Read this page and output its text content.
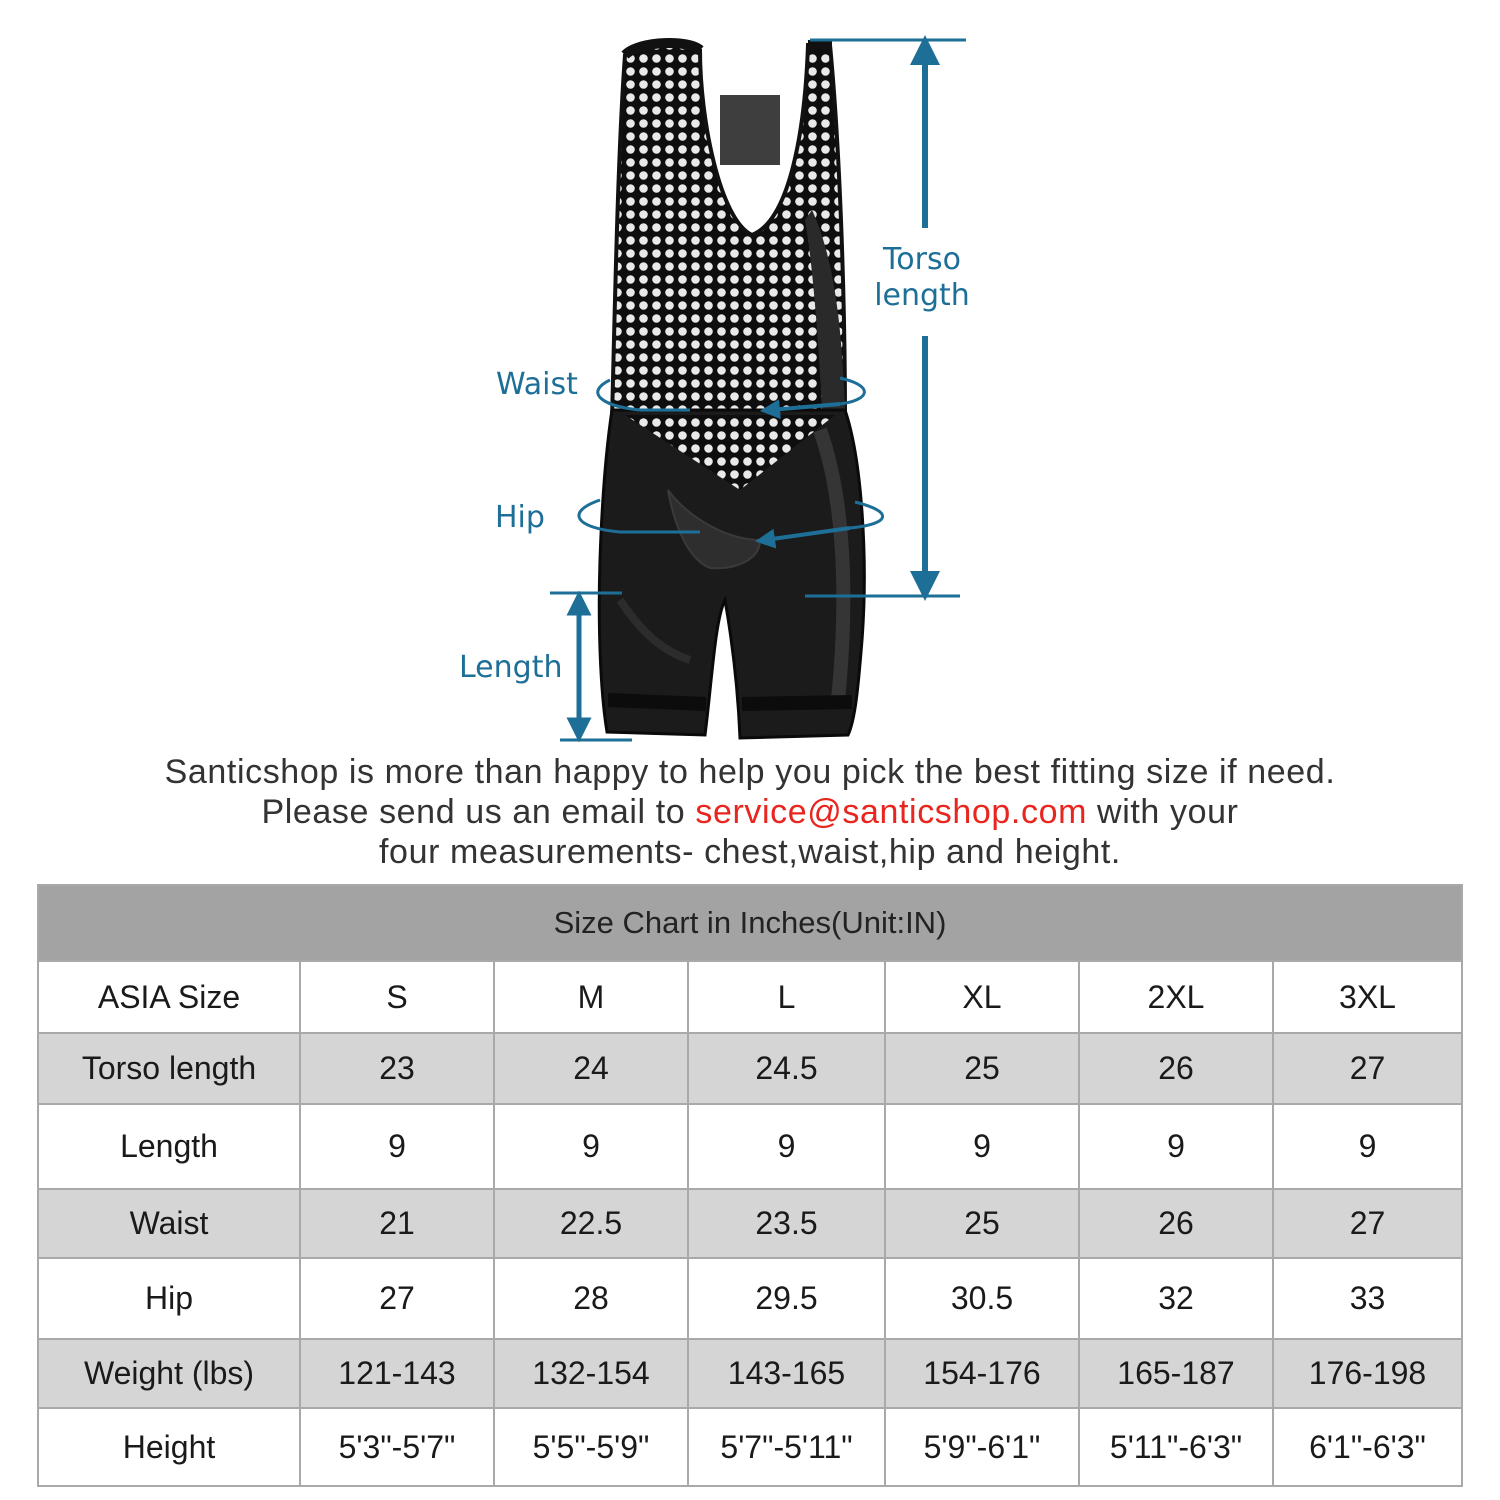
Torso
length
Waist
Hip
Length
Santicshop is more than happy to help you pick the best fitting size if need.
Please send us an email to service@santicshop.com with your
four measurements- chest,waist,hip and height.
Size Chart in Inches(Unit:IN)
ASIA Size	S	M	L	XL	2XL	3XL
Torso length	23	24	24.5	25	26	27
Length	9	9	9	9	9	9
Waist	21	22.5	23.5	25	26	27
Hip	27	28	29.5	30.5	32	33
Weight (lbs)	121-143	132-154	143-165	154-176	165-187	176-198
Height	5'3"-5'7"	5'5"-5'9"	5'7"-5'11"	5'9"-6'1"	5'11"-6'3"	6'1"-6'3"
